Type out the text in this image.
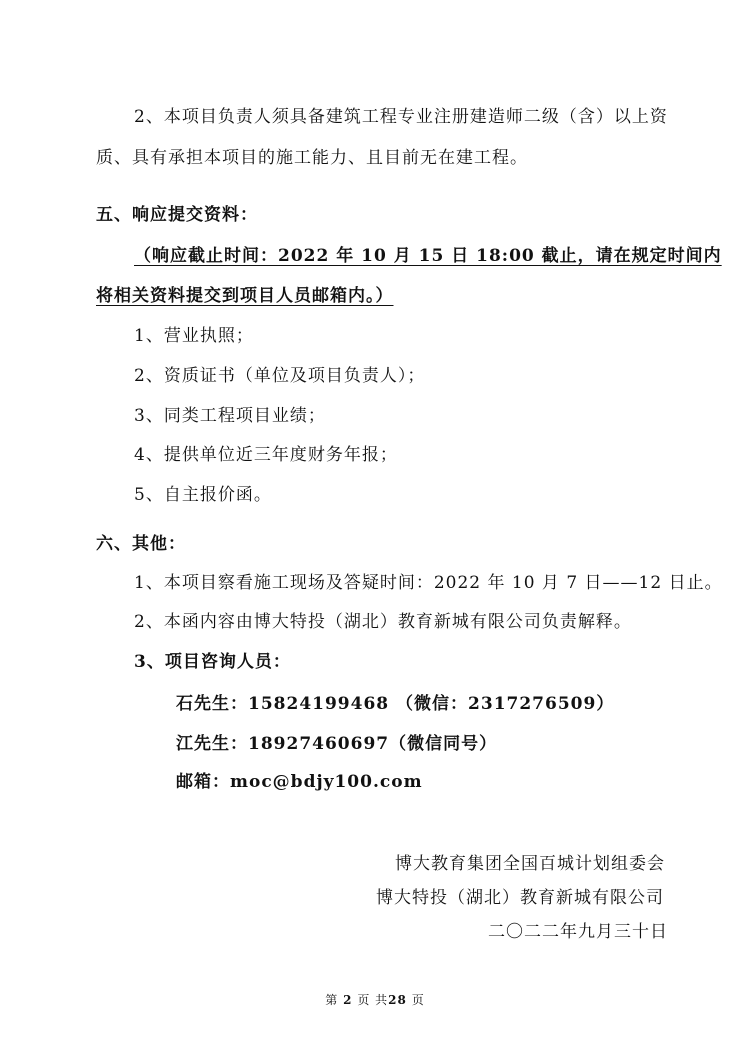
2、本项目负责人须具备建筑工程专业注册建造师二级（含）以上资
质、具有承担本项目的施工能力、且目前无在建工程。
五、响应提交资料：
（响应截止时间：2022 年 10 月 15 日 18:00 截止，请在规定时间内
将相关资料提交到项目人员邮箱内。）
1、营业执照；
2、资质证书（单位及项目负责人）；
3、同类工程项目业绩；
4、提供单位近三年度财务年报；
5、自主报价函。
六、其他：
1、本项目察看施工现场及答疑时间：2022 年 10 月 7 日——12 日止。
2、本函内容由博大特投（湖北）教育新城有限公司负责解释。
3、项目咨询人员：
石先生：15824199468 （微信：2317276509）
江先生：18927460697（微信同号）
邮箱：moc@bdjy100.com
博大教育集团全国百城计划组委会
博大特投（湖北）教育新城有限公司
二〇二二年九月三十日
第 2 页 共28 页
